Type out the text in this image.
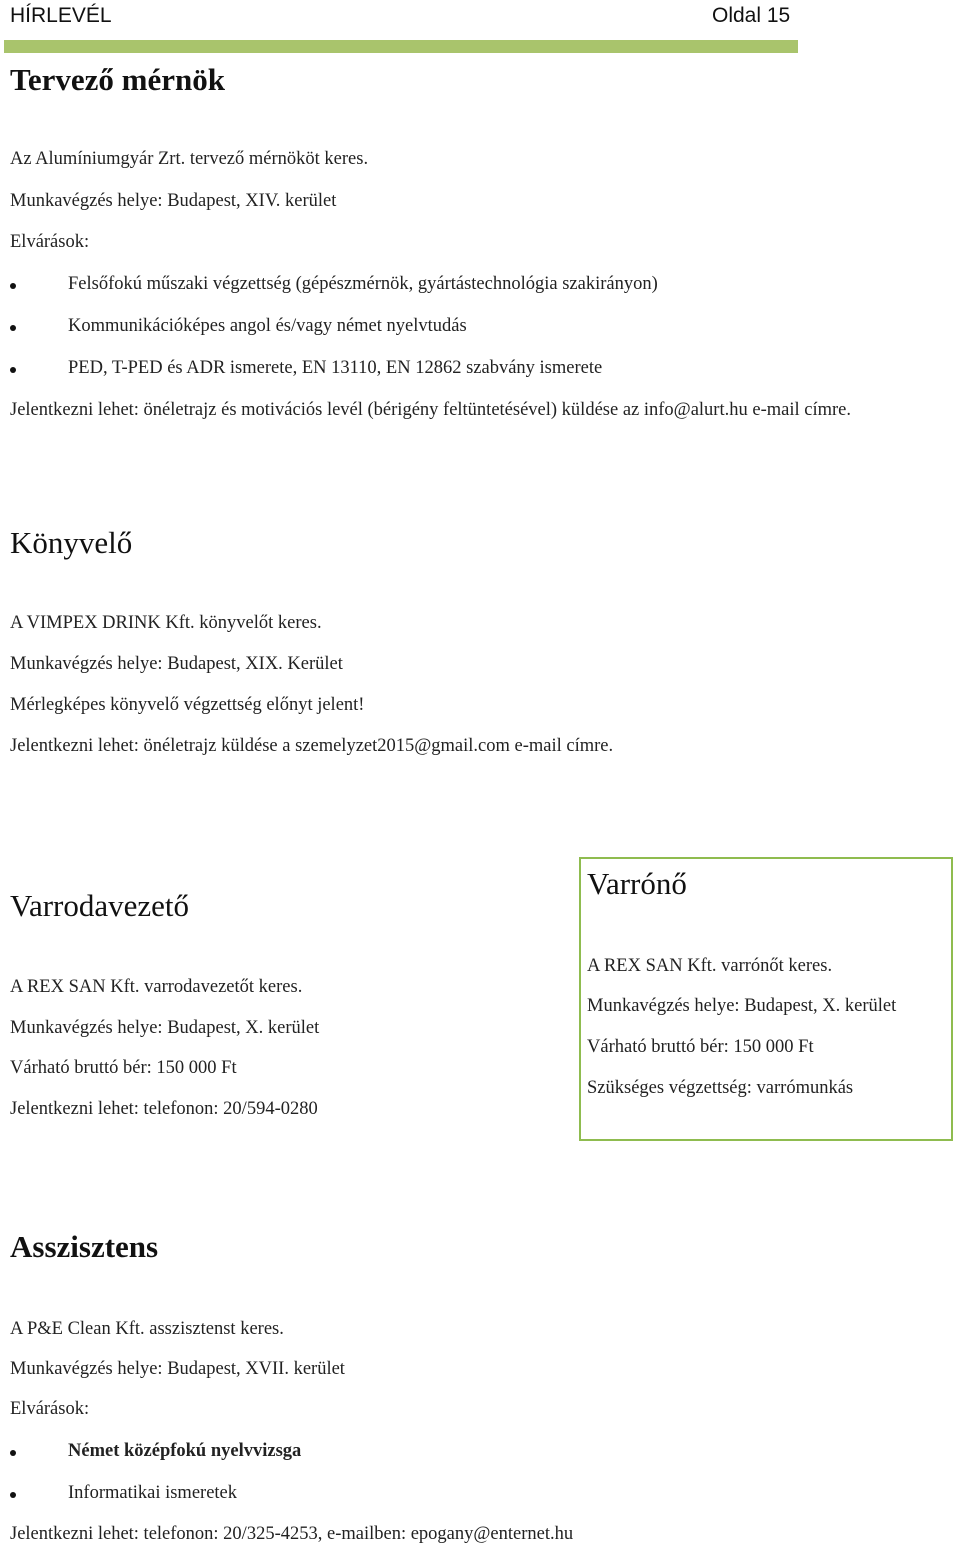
HÍRLEVÉL	Oldal 15
Tervező mérnök
Az Alumíniumgyár Zrt. tervező mérnököt keres.
Munkavégzés helye: Budapest, XIV. kerület
Elvárások:
Felsőfokú műszaki végzettség (gépészmérnök, gyártástechnológia szakirányon)
Kommunikációképes angol és/vagy német nyelvtudás
PED, T-PED és ADR ismerete, EN 13110, EN 12862 szabvány ismerete
Jelentkezni lehet: önéletrajz és motivációs levél (bérigény feltüntetésével) küldése az info@alurt.hu e-mail címre.
Könyvelő
A VIMPEX DRINK Kft. könyvelőt keres.
Munkavégzés helye: Budapest, XIX. Kerület
Mérlegképes könyvelő végzettség előnyt jelent!
Jelentkezni lehet: önéletrajz küldése a szemelyzet2015@gmail.com e-mail címre.
Varrodavezető
A REX SAN Kft. varrodavezetőt keres.
Munkavégzés helye: Budapest, X. kerület
Várható bruttó bér: 150 000 Ft
Jelentkezni lehet: telefonon: 20/594-0280
Varrónő
A REX SAN Kft. varrónőt keres.
Munkavégzés helye: Budapest, X. kerület
Várható bruttó bér: 150 000 Ft
Szükséges végzettség: varrómunkás
Asszisztens
A P&E Clean Kft. asszisztenst keres.
Munkavégzés helye: Budapest, XVII. kerület
Elvárások:
Német középfokú nyelvvizsga
Informatikai ismeretek
Jelentkezni lehet: telefonon: 20/325-4253, e-mailben: epogany@enternet.hu
